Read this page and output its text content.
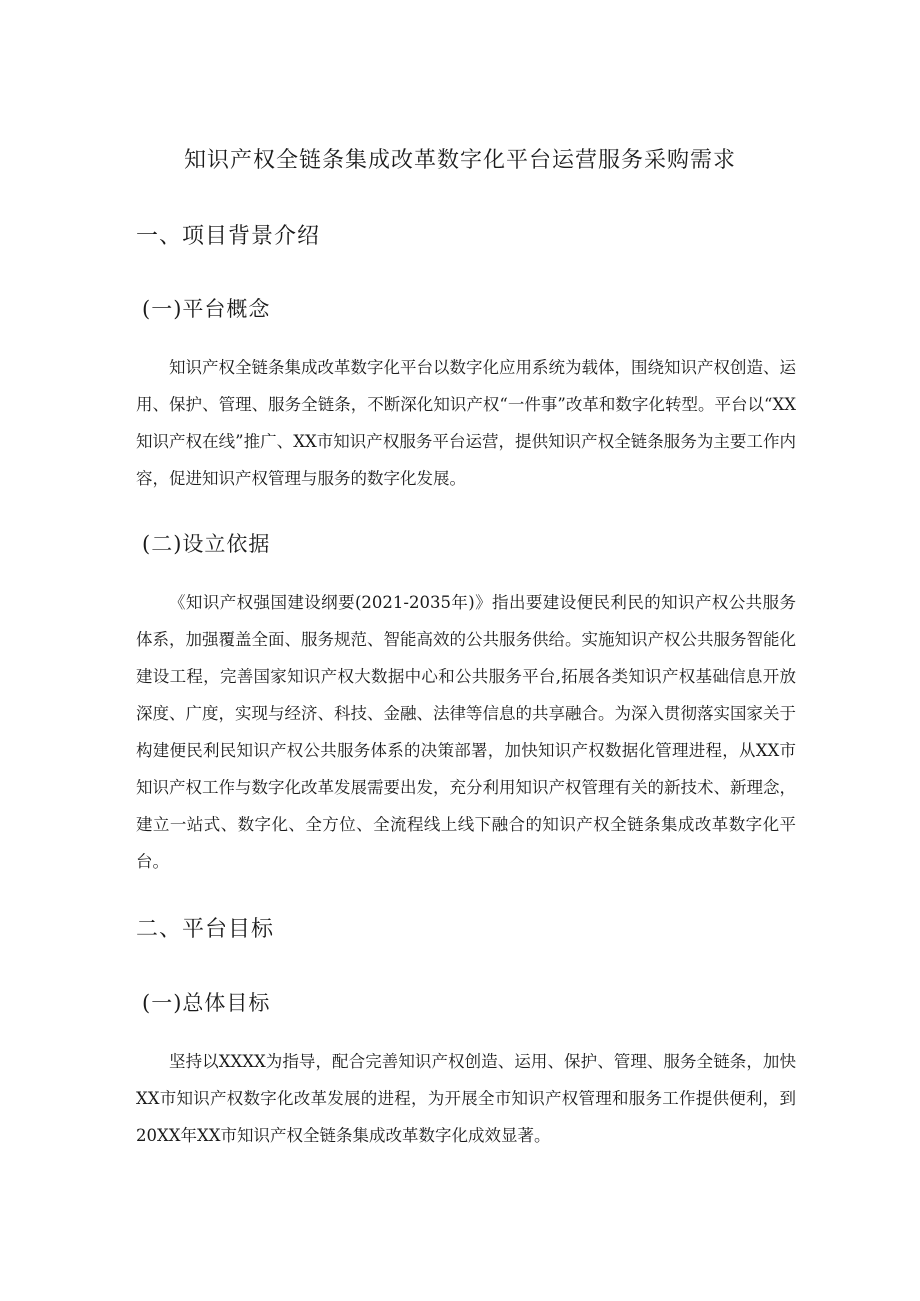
知识产权全链条集成改革数字化平台运营服务采购需求
一、项目背景介绍
(一)平台概念
知识产权全链条集成改革数字化平台以数字化应用系统为载体，围绕知识产权创造、运用、保护、管理、服务全链条，不断深化知识产权“一件事”改革和数字化转型。平台以“XX知识产权在线”推广、XX市知识产权服务平台运营，提供知识产权全链条服务为主要工作内容，促进知识产权管理与服务的数字化发展。
(二)设立依据
《知识产权强国建设纲要(2021-2035年)》指出要建设便民利民的知识产权公共服务体系，加强覆盖全面、服务规范、智能高效的公共服务供给。实施知识产权公共服务智能化建设工程，完善国家知识产权大数据中心和公共服务平台,拓展各类知识产权基础信息开放深度、广度，实现与经济、科技、金融、法律等信息的共享融合。为深入贯彻落实国家关于构建便民利民知识产权公共服务体系的决策部署，加快知识产权数据化管理进程，从XX市知识产权工作与数字化改革发展需要出发，充分利用知识产权管理有关的新技术、新理念，建立一站式、数字化、全方位、全流程线上线下融合的知识产权全链条集成改革数字化平台。
二、平台目标
(一)总体目标
坚持以XXXX为指导，配合完善知识产权创造、运用、保护、管理、服务全链条，加快XX市知识产权数字化改革发展的进程，为开展全市知识产权管理和服务工作提供便利，到20XX年XX市知识产权全链条集成改革数字化成效显著。
